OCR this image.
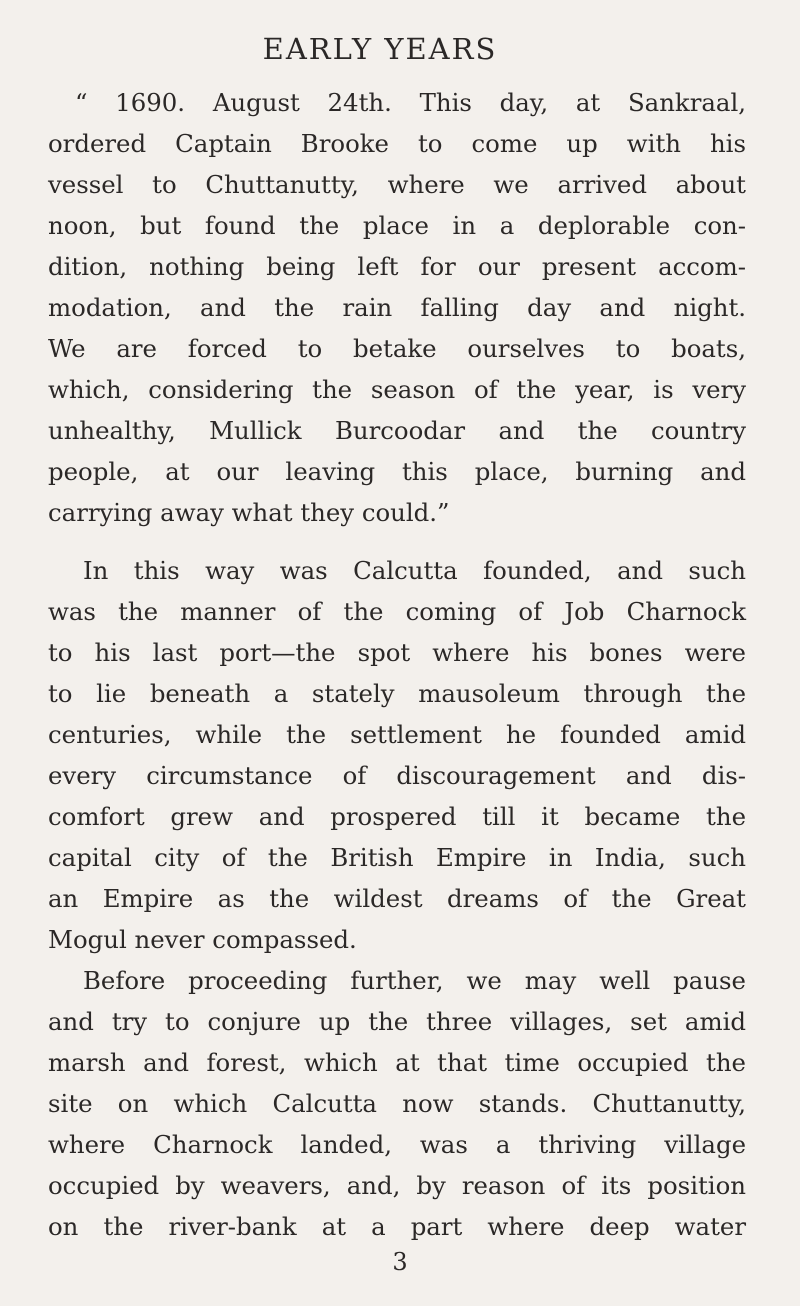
EARLY YEARS
“ 1690. August 24th. This day, at Sankraal,
ordered Captain Brooke to come up with his
vessel to Chuttanutty, where we arrived about
noon, but found the place in a deplorable con-
dition, nothing being left for our present accom-
modation, and the rain falling day and night.
We are forced to betake ourselves to boats,
which, considering the season of the year, is very
unhealthy, Mullick Burcoodar and the country
people, at our leaving this place, burning and
carrying away what they could.”
In this way was Calcutta founded, and such
was the manner of the coming of Job Charnock
to his last port—the spot where his bones were
to lie beneath a stately mausoleum through the
centuries, while the settlement he founded amid
every circumstance of discouragement and dis-
comfort grew and prospered till it became the
capital city of the British Empire in India, such
an Empire as the wildest dreams of the Great
Mogul never compassed.
Before proceeding further, we may well pause
and try to conjure up the three villages, set amid
marsh and forest, which at that time occupied the
site on which Calcutta now stands. Chuttanutty,
where Charnock landed, was a thriving village
occupied by weavers, and, by reason of its position
on the river-bank at a part where deep water
3
